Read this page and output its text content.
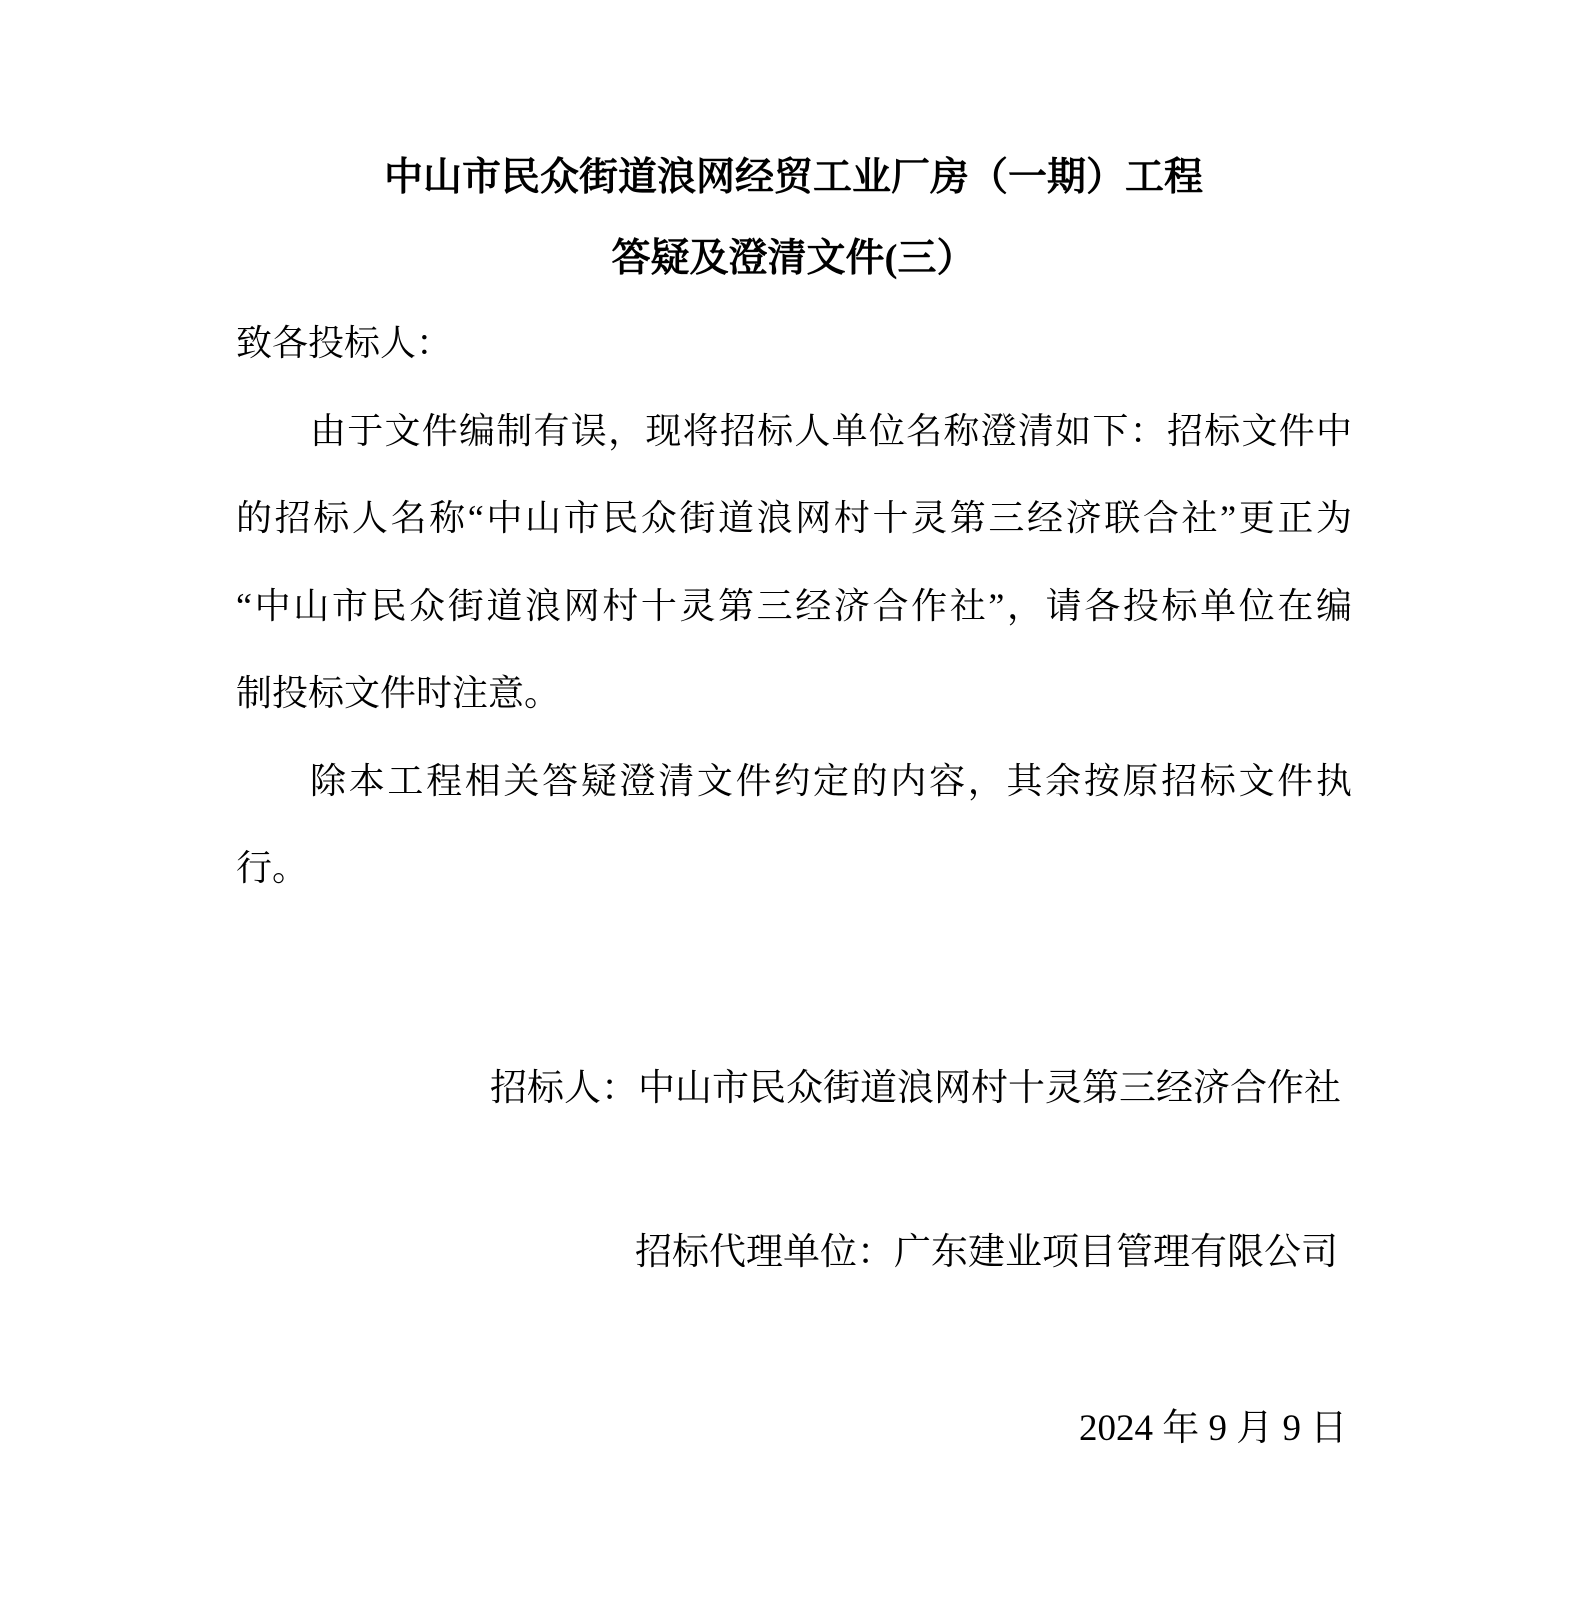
中山市民众街道浪网经贸工业厂房（一期）工程
答疑及澄清文件(三）
致各投标人：
由于文件编制有误，现将招标人单位名称澄清如下：招标文件中
的招标人名称“中山市民众街道浪网村十灵第三经济联合社”更正为
“中山市民众街道浪网村十灵第三经济合作社”，请各投标单位在编
制投标文件时注意。
除本工程相关答疑澄清文件约定的内容，其余按原招标文件执
行。
招标人：中山市民众街道浪网村十灵第三经济合作社
招标代理单位：广东建业项目管理有限公司
2024 年 9 月 9 日
